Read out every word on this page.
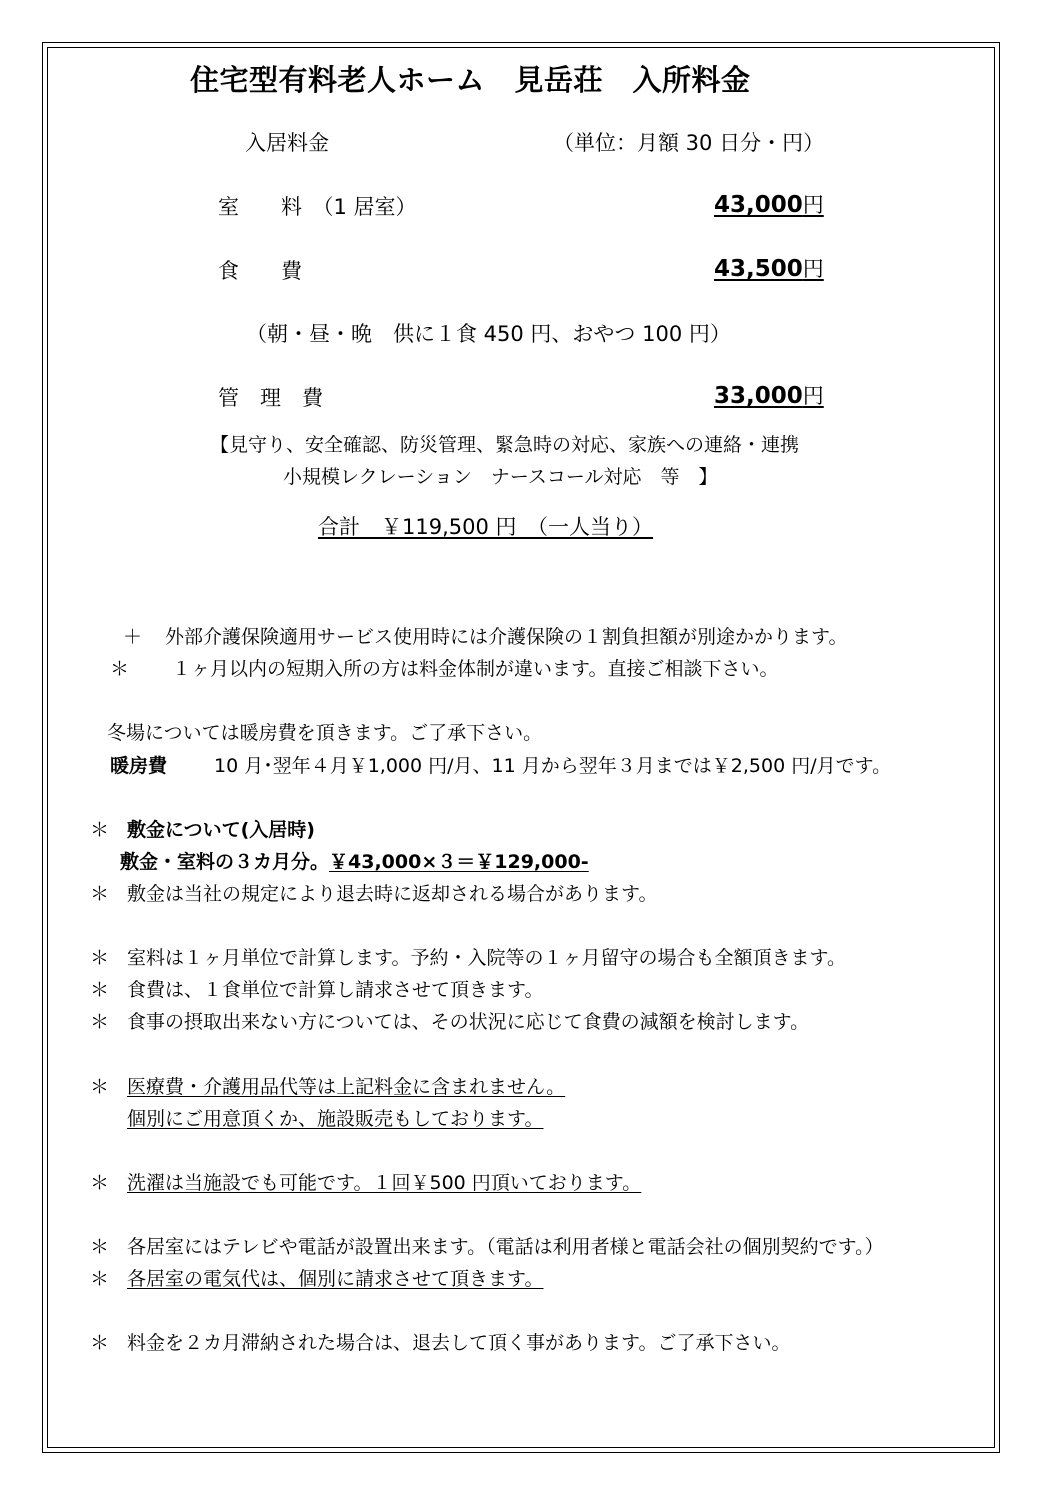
住宅型有料老人ホーム　見岳荘　入所料金
入居料金	（単位：月額 30 日分・円）
室　　料　（1 居室）	43,000円
食　　費	43,500円
（朝・昼・晩　供に１食 450 円、おやつ 100 円）
管　理　費	33,000円
【見守り、安全確認、防災管理、緊急時の対応、家族への連絡・連携
小規模レクレーション　ナースコール対応　等　】
合計　￥119,500 円　（一人当り）
＋ 外部介護保険適用サービス使用時には介護保険の１割負担額が別途かかります。
＊ １ヶ月以内の短期入所の方は料金体制が違います。直接ご相談下さい。
冬場については暖房費を頂きます。ご了承下さい。
暖房費 10 月･翌年４月￥1,000 円/月、11 月から翌年３月までは￥2,500 円/月です。
＊ 敷金について(入居時)
敷金・室料の３カ月分。￥43,000×３＝￥129,000-
＊ 敷金は当社の規定により退去時に返却される場合があります。
＊ 室料は１ヶ月単位で計算します。予約・入院等の１ヶ月留守の場合も全額頂きます。
＊ 食費は、１食単位で計算し請求させて頂きます。
＊ 食事の摂取出来ない方については、その状況に応じて食費の減額を検討します。
＊ 医療費・介護用品代等は上記料金に含まれません。
個別にご用意頂くか、施設販売もしております。
＊ 洗濯は当施設でも可能です。１回￥500 円頂いております。
＊ 各居室にはテレビや電話が設置出来ます。（電話は利用者様と電話会社の個別契約です。）
＊ 各居室の電気代は、個別に請求させて頂きます。
＊ 料金を２カ月滞納された場合は、退去して頂く事があります。ご了承下さい。
